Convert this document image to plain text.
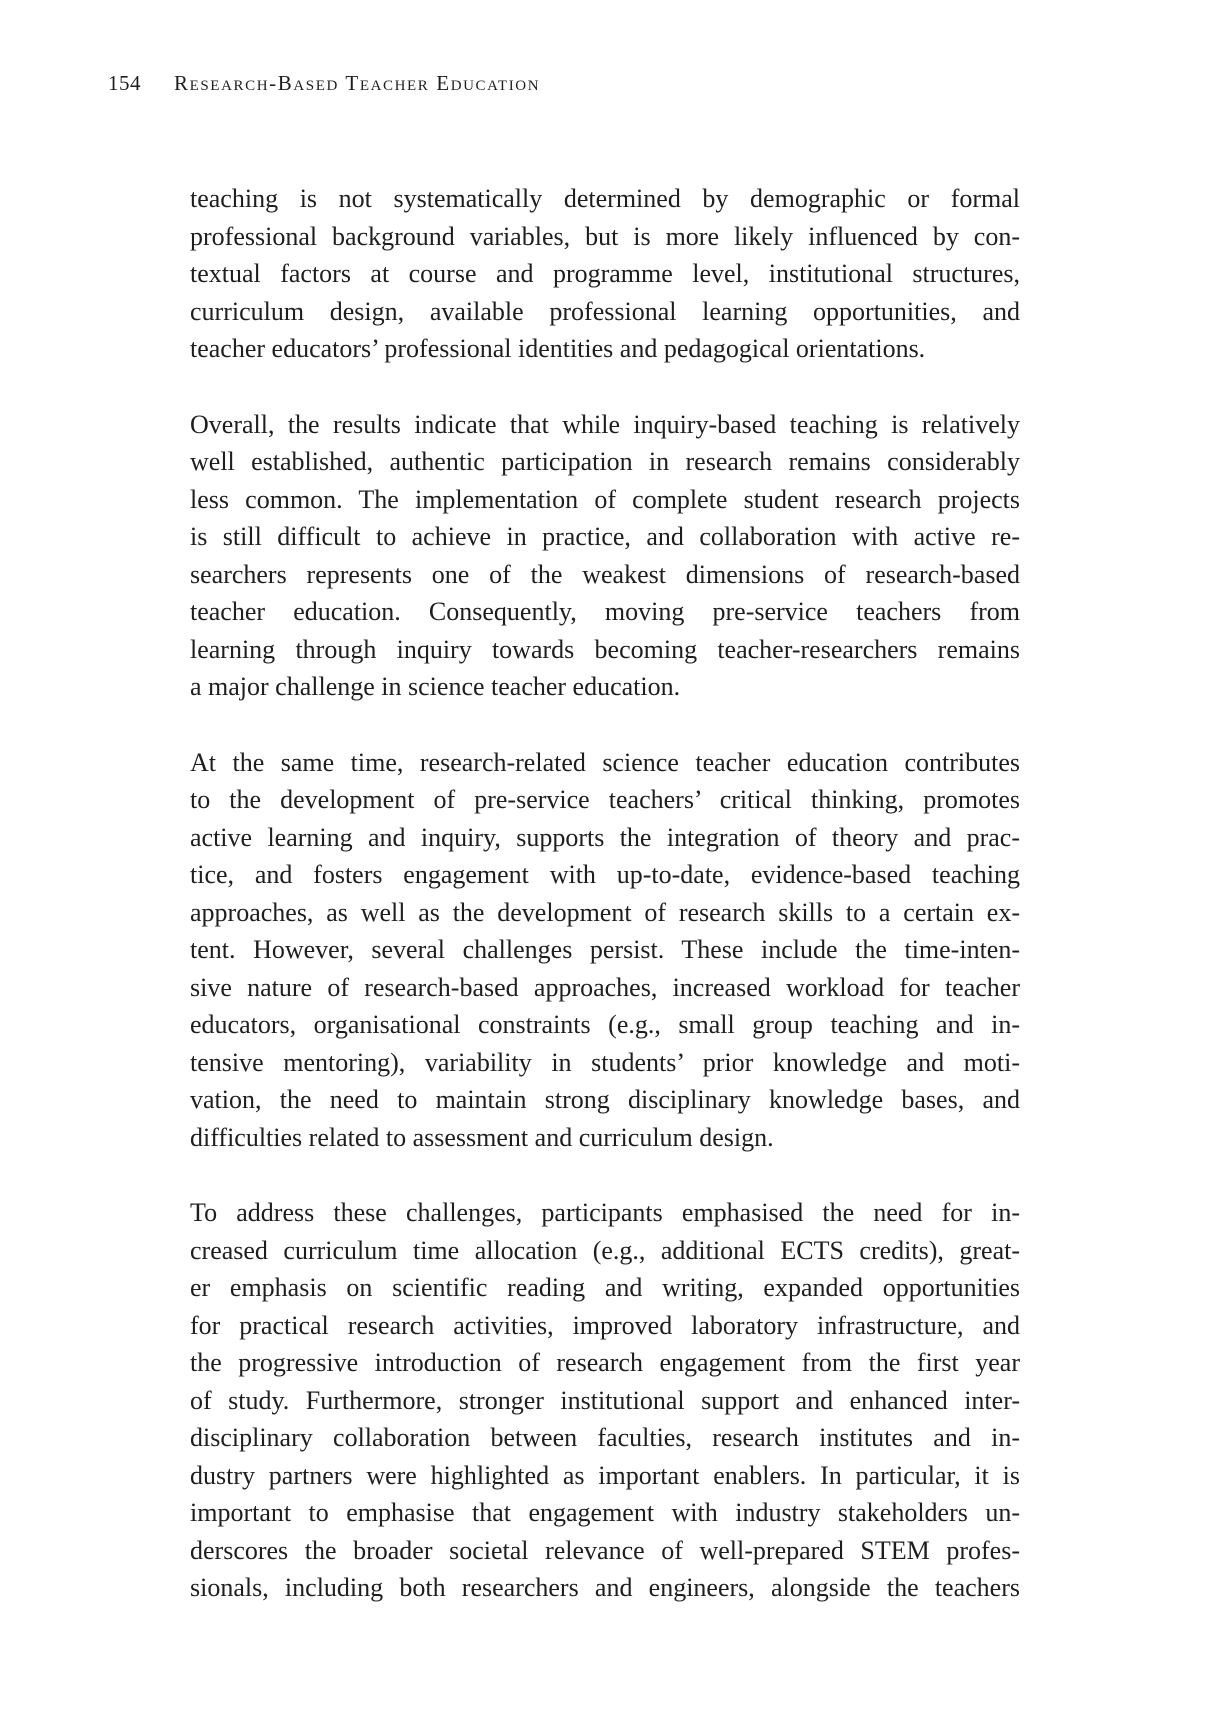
154 Research-Based Teacher Education
teaching is not systematically determined by demographic or formal
professional background variables, but is more likely influenced by con-
textual factors at course and programme level, institutional structures,
curriculum design, available professional learning opportunities, and
teacher educators’ professional identities and pedagogical orientations.
Overall, the results indicate that while inquiry-based teaching is relatively
well established, authentic participation in research remains considerably
less common. The implementation of complete student research projects
is still difficult to achieve in practice, and collaboration with active re-
searchers represents one of the weakest dimensions of research-based
teacher education. Consequently, moving pre-service teachers from
learning through inquiry towards becoming teacher-researchers remains
a major challenge in science teacher education.
At the same time, research-related science teacher education contributes
to the development of pre-service teachers’ critical thinking, promotes
active learning and inquiry, supports the integration of theory and prac-
tice, and fosters engagement with up-to-date, evidence-based teaching
approaches, as well as the development of research skills to a certain ex-
tent. However, several challenges persist. These include the time-inten-
sive nature of research-based approaches, increased workload for teacher
educators, organisational constraints (e.g., small group teaching and in-
tensive mentoring), variability in students’ prior knowledge and moti-
vation, the need to maintain strong disciplinary knowledge bases, and
difficulties related to assessment and curriculum design.
To address these challenges, participants emphasised the need for in-
creased curriculum time allocation (e.g., additional ECTS credits), great-
er emphasis on scientific reading and writing, expanded opportunities
for practical research activities, improved laboratory infrastructure, and
the progressive introduction of research engagement from the first year
of study. Furthermore, stronger institutional support and enhanced inter-
disciplinary collaboration between faculties, research institutes and in-
dustry partners were highlighted as important enablers. In particular, it is
important to emphasise that engagement with industry stakeholders un-
derscores the broader societal relevance of well-prepared STEM profes-
sionals, including both researchers and engineers, alongside the teachers
